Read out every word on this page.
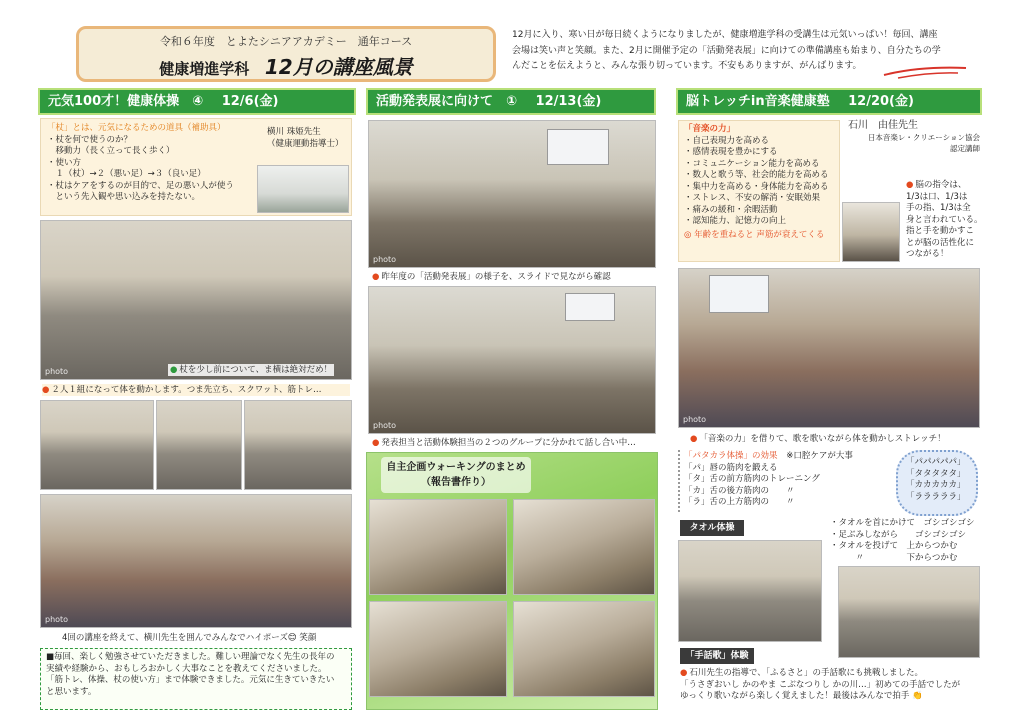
令和６年度　とよたシニアアカデミー　通年コース
健康増進学科 12月の講座風景
12月に入り、寒い日が毎日続くようになりましたが、健康増進学科の受講生は元気いっぱい！毎回、講座
会場は笑い声と笑顔。また、2月に開催予定の「活動発表展」に向けての準備講座も始まり、自分たちの学
んだことを伝えようと、みんな張り切っています。不安もありますが、がんばります。
元気100才！健康体操　④ 12/6(金)
「杖」とは、元気になるための道具（補助具）
・杖を何で使うのか？
　移動力（長く立って長く歩く）
・使い方
　１（杖）→２（悪い足）→３（良い足）
・杖はケアをするのが目的で、足の悪い人が使う
　という先入観や思い込みを持たない。
横川 珠姫先生
（健康運動指導士）
photo
●	杖を少し前について、ま横は絶対だめ！
● ２人１組になって体を動かします。つま先立ち、スクワット、筋トレ…
photo
4回の講座を終えて、横川先生を囲んでみんなでハイポーズ😊 笑顔
■毎回、楽しく勉強させていただきました。難しい理論でなく先生の長年の
実績や経験から、おもしろおかしく大事なことを教えてくださいました。
「筋トレ、体操、杖の使い方」まで体験できました。元気に生きていきたい
と思います。
活動発表展に向けて　① 12/13(金)
photo
● 昨年度の「活動発表展」の様子を、スライドで見ながら確認
photo
● 発表担当と活動体験担当の２つのグループに分かれて話し合い中…
自主企画ウォーキングのまとめ
（報告書作り）
脳トレッチin音楽健康塾 12/20(金)
「音楽の力」
・自己表現力を高める
・感情表現を豊かにする
・コミュニケーション能力を高める
・数人と歌う等、社会的能力を高める
・集中力を高める・身体能力を高める
・ストレス、不安の解消・安眠効果
・痛みの緩和・余暇活動
・認知能力、記憶力の向上
◎ 年齢を重ねると 声筋が衰えてくる
石川　由佳先生
日本音楽レ・クリエーション協会
認定講師
● 脳の指令は、
1/3は口、1/3は
手の指、1/3は全
身と言われている。
指と手を動かすこ
とが脳の活性化に
つながる！
photo
● 「音楽の力」を借りて、歌を歌いながら体を動かしストレッチ！
「パタカラ体操」の効果 ※口腔ケアが大事
「パ」唇の筋肉を鍛える
「タ」舌の前方筋肉のトレーニング
「カ」舌の後方筋肉の　　〃
「ラ」舌の上方筋肉の　　〃
「パパパパパ」
「タタタタタ」
「カカカカカ」
「ラララララ」
タオル体操	・タオルを首にかけて　ゴシゴシゴシ
・足ぶみしながら　　ゴシゴシゴシ
・タオルを投げて　上からつかむ
　　　〃　　　　　下からつかむ
「手話歌」体験
● 石川先生の指導で、「ふるさと」の手話歌にも挑戦しました。
「うさぎおいし かのやま こぶなつりし かの川…」初めての手話でしたが
ゆっくり歌いながら楽しく覚えました！最後はみんなで拍手 👏
